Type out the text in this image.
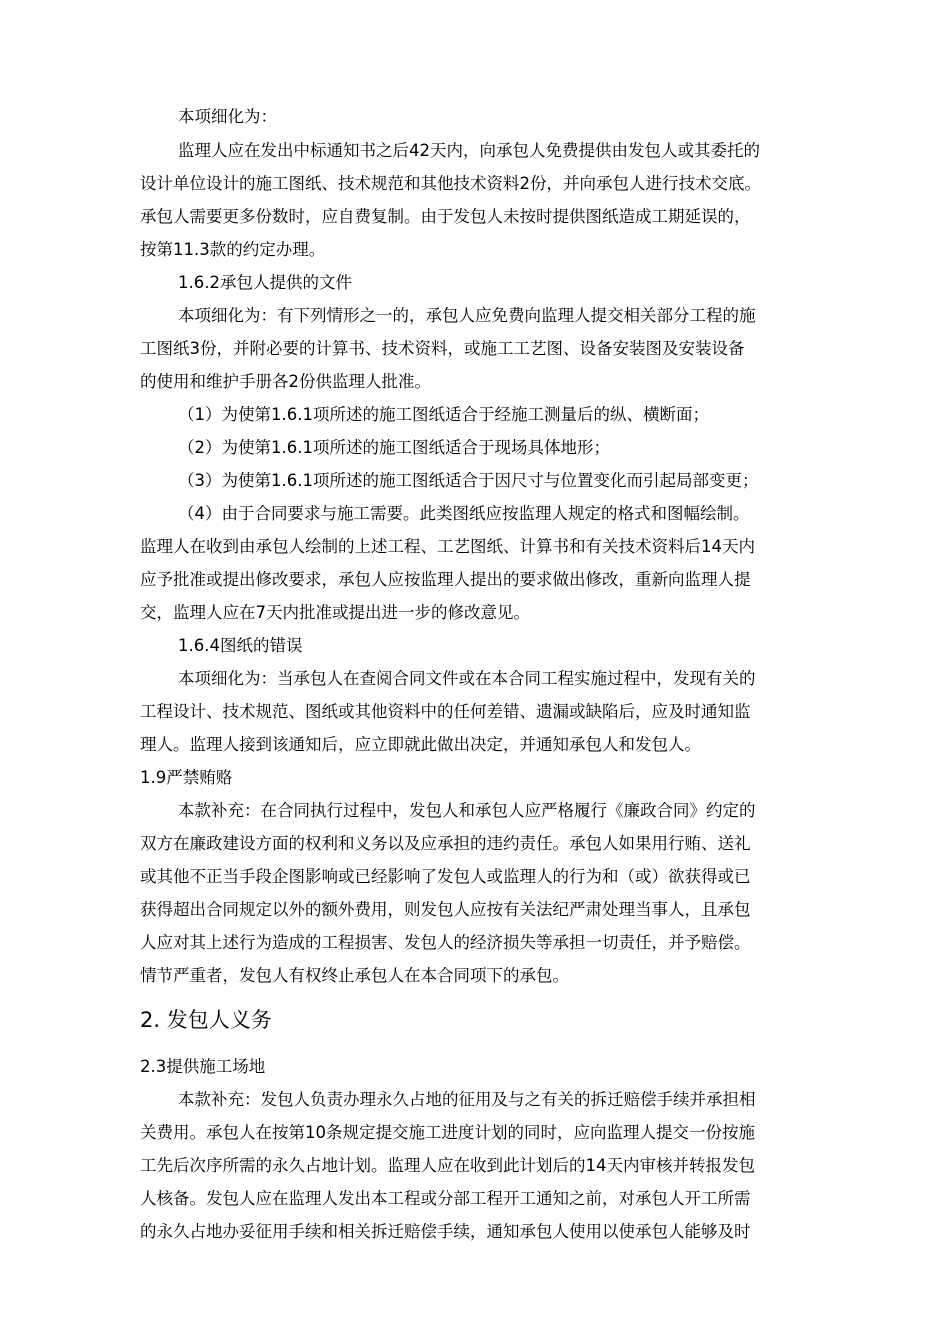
本项细化为：

监理人应在发出中标通知书之后42天内，向承包人免费提供由发包人或其委托的

设计单位设计的施工图纸、技术规范和其他技术资料2份，并向承包人进行技术交底。

承包人需要更多份数时，应自费复制。由于发包人未按时提供图纸造成工期延误的，

按第11.3款的约定办理。

1.6.2承包人提供的文件

本项细化为：有下列情形之一的，承包人应免费向监理人提交相关部分工程的施

工图纸3份，并附必要的计算书、技术资料，或施工工艺图、设备安装图及安装设备

的使用和维护手册各2份供监理人批准。

（1）为使第1.6.1项所述的施工图纸适合于经施工测量后的纵、横断面；

（2）为使第1.6.1项所述的施工图纸适合于现场具体地形；

（3）为使第1.6.1项所述的施工图纸适合于因尺寸与位置变化而引起局部变更；

（4）由于合同要求与施工需要。此类图纸应按监理人规定的格式和图幅绘制。

监理人在收到由承包人绘制的上述工程、工艺图纸、计算书和有关技术资料后14天内

应予批准或提出修改要求，承包人应按监理人提出的要求做出修改，重新向监理人提

交，监理人应在7天内批准或提出进一步的修改意见。

1.6.4图纸的错误

本项细化为：当承包人在查阅合同文件或在本合同工程实施过程中，发现有关的

工程设计、技术规范、图纸或其他资料中的任何差错、遗漏或缺陷后，应及时通知监

理人。监理人接到该通知后，应立即就此做出决定，并通知承包人和发包人。

1.9严禁贿赂

本款补充：在合同执行过程中，发包人和承包人应严格履行《廉政合同》约定的

双方在廉政建设方面的权利和义务以及应承担的违约责任。承包人如果用行贿、送礼

或其他不正当手段企图影响或已经影响了发包人或监理人的行为和（或）欲获得或已

获得超出合同规定以外的额外费用，则发包人应按有关法纪严肃处理当事人，且承包

人应对其上述行为造成的工程损害、发包人的经济损失等承担一切责任，并予赔偿。

情节严重者，发包人有权终止承包人在本合同项下的承包。

2.3提供施工场地

本款补充：发包人负责办理永久占地的征用及与之有关的拆迁赔偿手续并承担相

关费用。承包人在按第10条规定提交施工进度计划的同时，应向监理人提交一份按施

工先后次序所需的永久占地计划。监理人应在收到此计划后的14天内审核并转报发包

人核备。发包人应在监理人发出本工程或分部工程开工通知之前，对承包人开工所需

的永久占地办妥征用手续和相关拆迁赔偿手续，通知承包人使用以使承包人能够及时

2. 发包人义务
